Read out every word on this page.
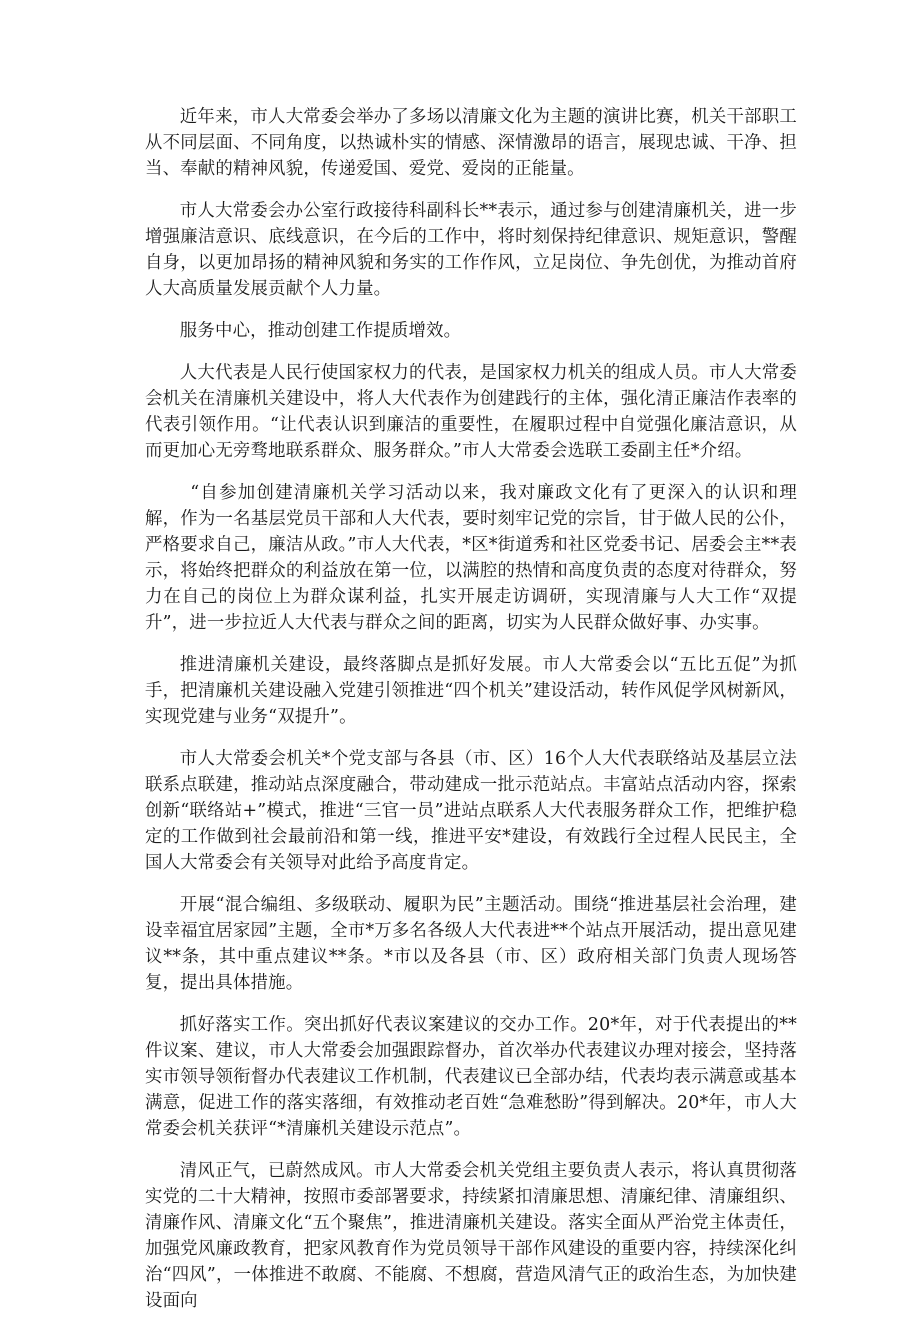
近年来，市人大常委会举办了多场以清廉文化为主题的演讲比赛，机关干部职工从不同层面、不同角度，以热诚朴实的情感、深情激昂的语言，展现忠诚、干净、担当、奉献的精神风貌，传递爱国、爱党、爱岗的正能量。

市人大常委会办公室行政接待科副科长**表示，通过参与创建清廉机关，进一步增强廉洁意识、底线意识，在今后的工作中，将时刻保持纪律意识、规矩意识，警醒自身，以更加昂扬的精神风貌和务实的工作作风，立足岗位、争先创优，为推动首府人大高质量发展贡献个人力量。

服务中心，推动创建工作提质增效。

人大代表是人民行使国家权力的代表，是国家权力机关的组成人员。市人大常委会机关在清廉机关建设中，将人大代表作为创建践行的主体，强化清正廉洁作表率的代表引领作用。“让代表认识到廉洁的重要性，在履职过程中自觉强化廉洁意识，从而更加心无旁骛地联系群众、服务群众。”市人大常委会选联工委副主任*介绍。

“自参加创建清廉机关学习活动以来，我对廉政文化有了更深入的认识和理解，作为一名基层党员干部和人大代表，要时刻牢记党的宗旨，甘于做人民的公仆，严格要求自己，廉洁从政。”市人大代表，*区*街道秀和社区党委书记、居委会主**表示，将始终把群众的利益放在第一位，以满腔的热情和高度负责的态度对待群众，努力在自己的岗位上为群众谋利益，扎实开展走访调研，实现清廉与人大工作“双提升”，进一步拉近人大代表与群众之间的距离，切实为人民群众做好事、办实事。

推进清廉机关建设，最终落脚点是抓好发展。市人大常委会以“五比五促”为抓手，把清廉机关建设融入党建引领推进“四个机关”建设活动，转作风促学风树新风，实现党建与业务“双提升”。

市人大常委会机关*个党支部与各县（市、区）16个人大代表联络站及基层立法联系点联建，推动站点深度融合，带动建成一批示范站点。丰富站点活动内容，探索创新“联络站+”模式，推进“三官一员”进站点联系人大代表服务群众工作，把维护稳定的工作做到社会最前沿和第一线，推进平安*建设，有效践行全过程人民民主，全国人大常委会有关领导对此给予高度肯定。

开展“混合编组、多级联动、履职为民”主题活动。围绕“推进基层社会治理，建设幸福宜居家园”主题，全市*万多名各级人大代表进**个站点开展活动，提出意见建议**条，其中重点建议**条。*市以及各县（市、区）政府相关部门负责人现场答复，提出具体措施。

抓好落实工作。突出抓好代表议案建议的交办工作。20*年，对于代表提出的**件议案、建议，市人大常委会加强跟踪督办，首次举办代表建议办理对接会，坚持落实市领导领衔督办代表建议工作机制，代表建议已全部办结，代表均表示满意或基本满意，促进工作的落实落细，有效推动老百姓“急难愁盼”得到解决。20*年，市人大常委会机关获评“*清廉机关建设示范点”。

清风正气，已蔚然成风。市人大常委会机关党组主要负责人表示，将认真贯彻落实党的二十大精神，按照市委部署要求，持续紧扣清廉思想、清廉纪律、清廉组织、清廉作风、清廉文化“五个聚焦”，推进清廉机关建设。落实全面从严治党主体责任，加强党风廉政教育，把家风教育作为党员领导干部作风建设的重要内容，持续深化纠治“四风”，一体推进不敢腐、不能腐、不想腐，营造风清气正的政治生态，为加快建设面向
